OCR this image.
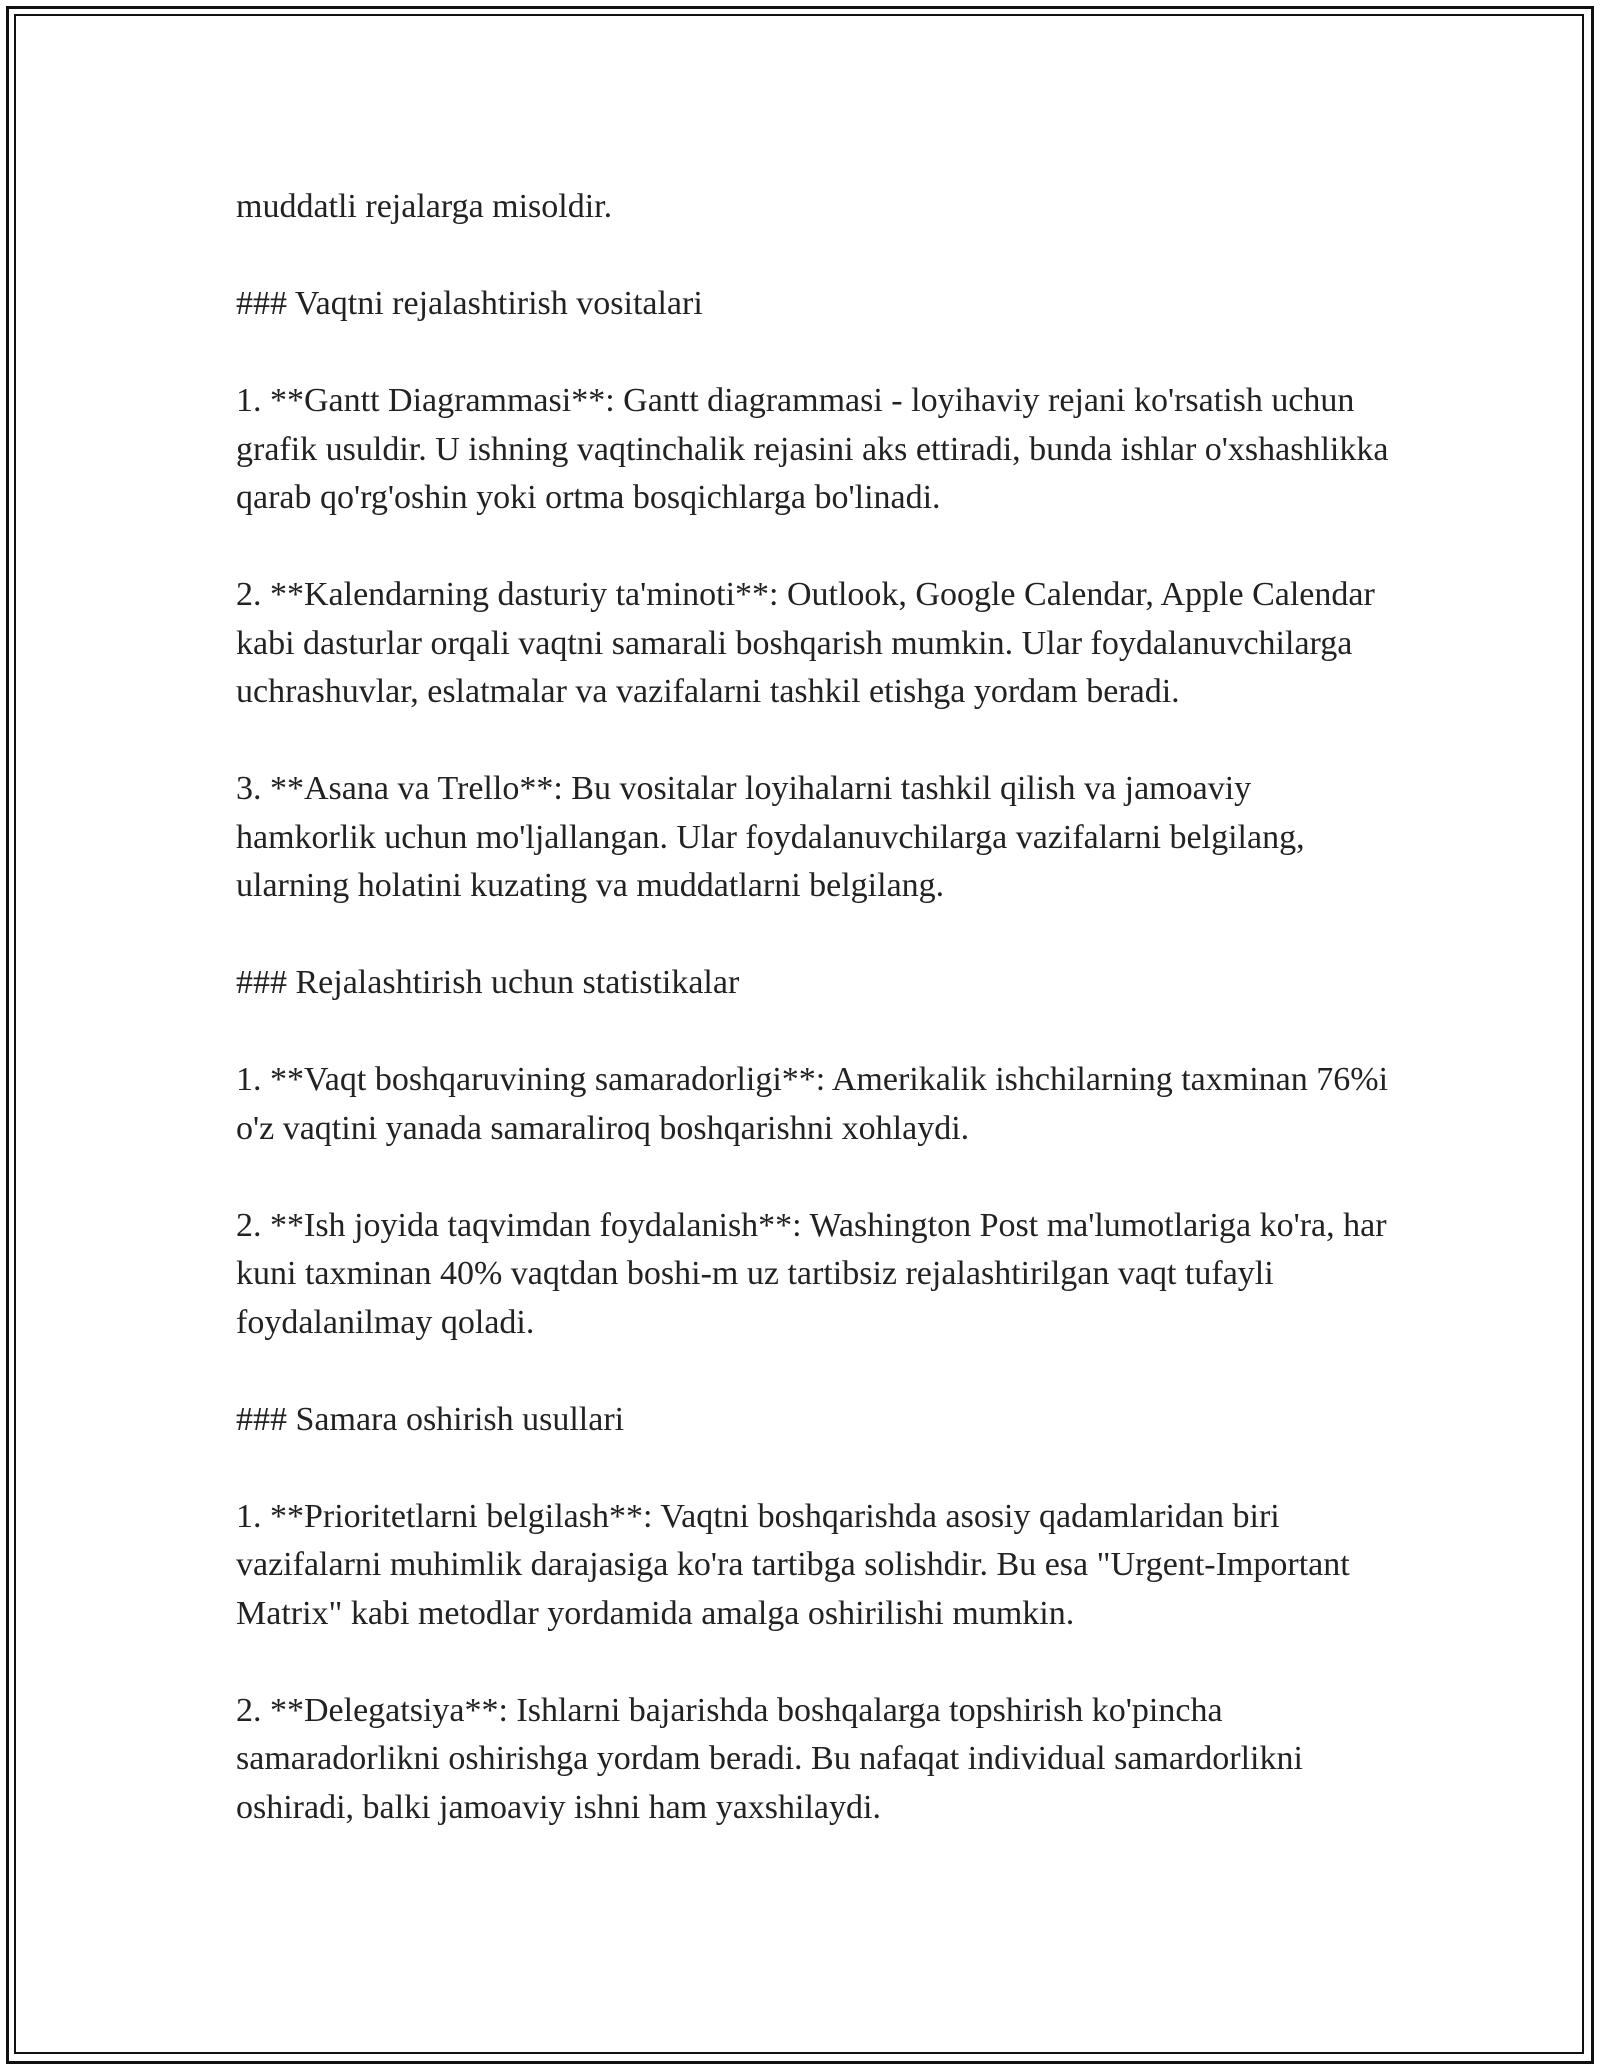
muddatli rejalarga misoldir.

### Vaqtni rejalashtirish vositalari

1. **Gantt Diagrammasi**: Gantt diagrammasi - loyihaviy rejani ko'rsatish uchun grafik usuldir. U ishning vaqtinchalik rejasini aks ettiradi, bunda ishlar o'xshashlikka qarab qo'rg'oshin yoki ortma bosqichlarga bo'linadi.

2. **Kalendarning dasturiy ta'minoti**: Outlook, Google Calendar, Apple Calendar kabi dasturlar orqali vaqtni samarali boshqarish mumkin. Ular foydalanuvchilarga uchrashuvlar, eslatmalar va vazifalarni tashkil etishga yordam beradi.

3. **Asana va Trello**: Bu vositalar loyihalarni tashkil qilish va jamoaviy hamkorlik uchun mo'ljallangan. Ular foydalanuvchilarga vazifalarni belgilang, ularning holatini kuzating va muddatlarni belgilang.

### Rejalashtirish uchun statistikalar

1. **Vaqt boshqaruvining samaradorligi**: Amerikalik ishchilarning taxminan 76%i o'z vaqtini yanada samaraliroq boshqarishni xohlaydi.

2. **Ish joyida taqvimdan foydalanish**: Washington Post ma'lumotlariga ko'ra, har kuni taxminan 40% vaqtdan boshi-m uz tartibsiz rejalashtirilgan vaqt tufayli foydalanilmay qoladi.

### Samara oshirish usullari

1. **Prioritetlarni belgilash**: Vaqtni boshqarishda asosiy qadamlaridan biri vazifalarni muhimlik darajasiga ko'ra tartibga solishdir. Bu esa "Urgent-Important Matrix" kabi metodlar yordamida amalga oshirilishi mumkin.

2. **Delegatsiya**: Ishlarni bajarishda boshqalarga topshirish ko'pincha samaradorlikni oshirishga yordam beradi. Bu nafaqat individual samardorlikni oshiradi, balki jamoaviy ishni ham yaxshilaydi.
